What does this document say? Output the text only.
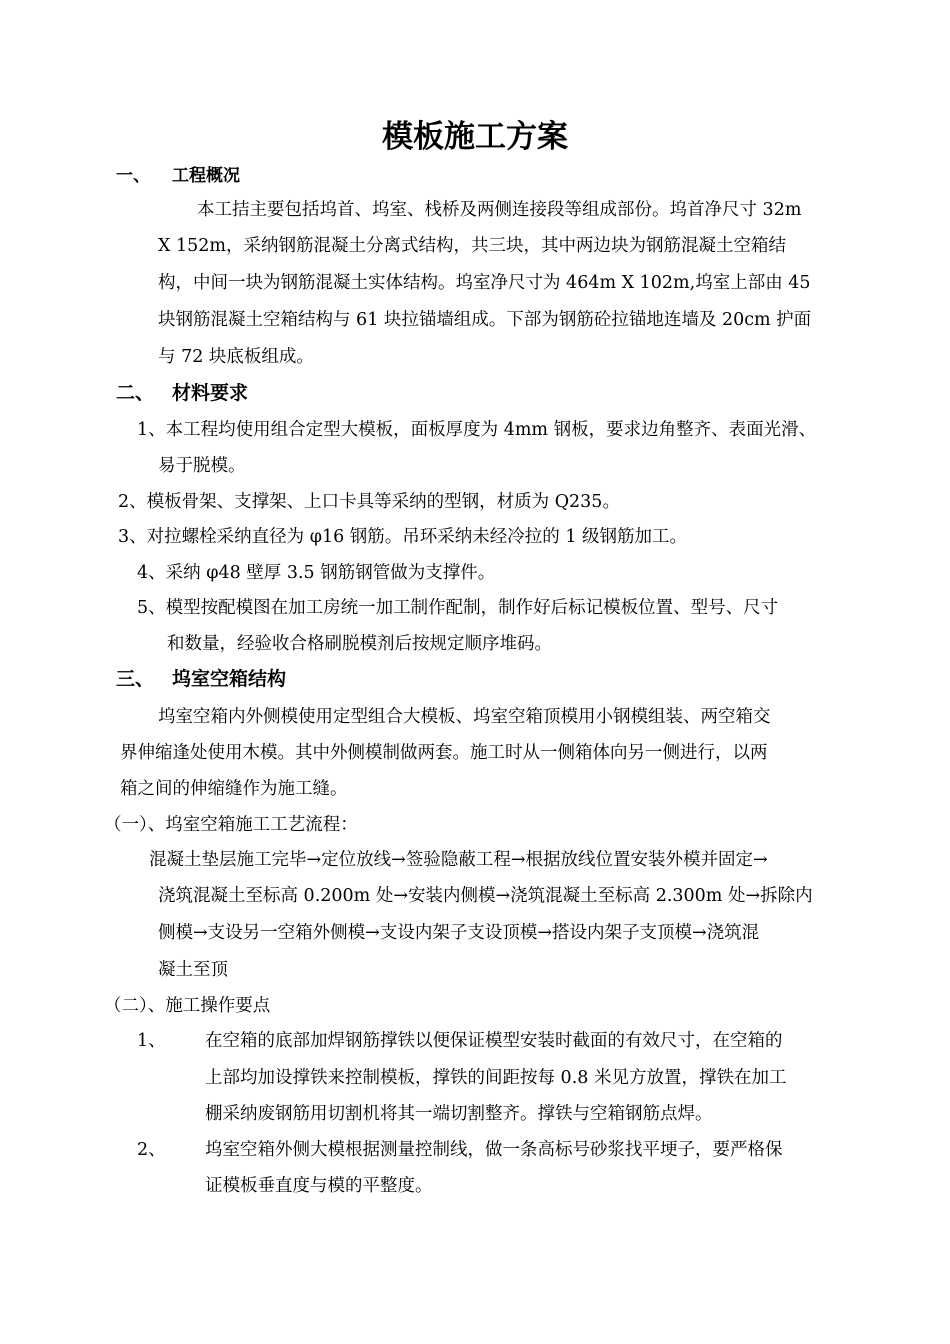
模板施工方案
一、 工程概况
本工拮主要包括坞首、坞室、栈桥及两侧连接段等组成部份。坞首净尺寸 32m
X 152m，采纳钢筋混凝土分离式结构，共三块，其中两边块为钢筋混凝土空箱结
构，中间一块为钢筋混凝土实体结构。坞室净尺寸为 464m X 102m,坞室上部由 45
块钢筋混凝土空箱结构与 61 块拉锚墙组成。下部为钢筋砼拉锚地连墙及 20cm 护面
与 72 块底板组成。
二、 材料要求
1、本工程均使用组合定型大模板，面板厚度为 4mm 钢板，要求边角整齐、表面光滑、
易于脱模。
2、模板骨架、支撑架、上口卡具等采纳的型钢，材质为 Q235。
3、对拉螺栓采纳直径为 φ16 钢筋。吊环采纳未经冷拉的 1 级钢筋加工。
4、采纳 φ48 壁厚 3.5 钢筋钢管做为支撑件。
5、模型按配模图在加工房统一加工制作配制，制作好后标记模板位置、型号、尺寸
和数量，经验收合格刷脱模剂后按规定顺序堆码。
三、 坞室空箱结构
坞室空箱内外侧模使用定型组合大模板、坞室空箱顶模用小钢模组装、两空箱交
界伸缩逢处使用木模。其中外侧模制做两套。施工时从一侧箱体向另一侧进行，以两
箱之间的伸缩缝作为施工缝。
（一）、坞室空箱施工工艺流程：
混凝土垫层施工完毕→定位放线→签验隐蔽工程→根据放线位置安装外模并固定→
浇筑混凝土至标高 0.200m 处→安装内侧模→浇筑混凝土至标高 2.300m 处→拆除内
侧模→支设另一空箱外侧模→支设内架子支设顶模→搭设内架子支顶模→浇筑混
凝土至顶
（二）、施工操作要点
1、 在空箱的底部加焊钢筋撑铁以便保证模型安装时截面的有效尺寸，在空箱的
上部均加设撑铁来控制模板，撑铁的间距按每 0.8 米见方放置，撑铁在加工
棚采纳废钢筋用切割机将其一端切割整齐。撑铁与空箱钢筋点焊。
2、 坞室空箱外侧大模根据测量控制线，做一条高标号砂浆找平埂子，要严格保
证模板垂直度与模的平整度。
